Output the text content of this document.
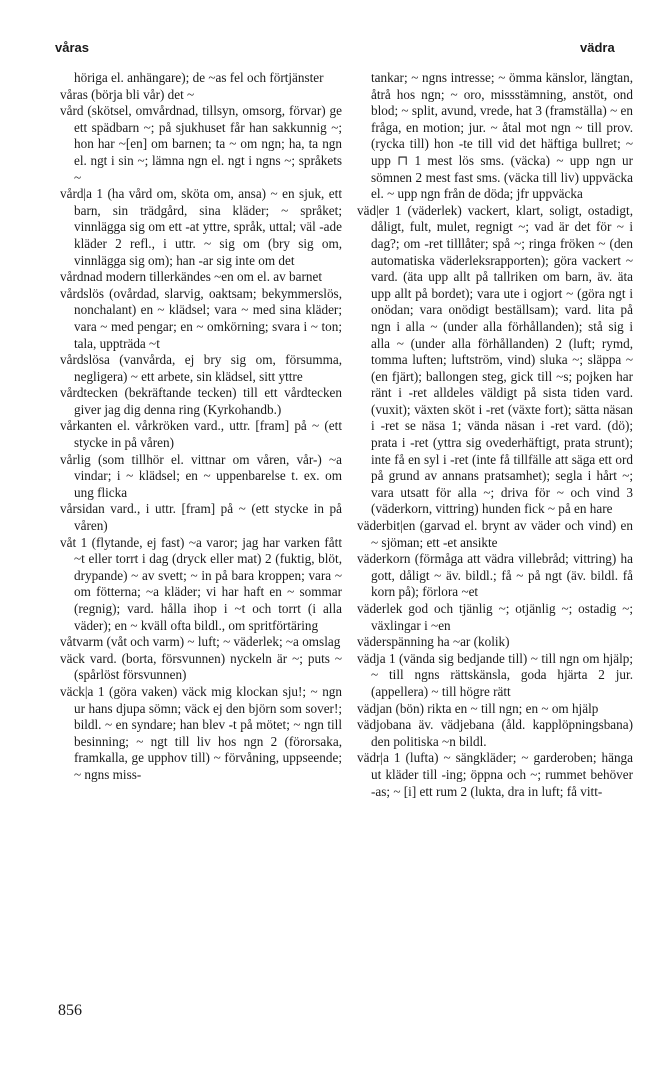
våras	vädra

höriga el. anhängare); de ~as fel och förtjänster

våras (börja bli vår) det ~

vård (skötsel, omvårdnad, tillsyn, omsorg, förvar) ge ett spädbarn ~; på sjukhuset får han sakkunnig ~; hon har ~[en] om barnen; ta ~ om ngn; ha, ta ngn el. ngt i sin ~; lämna ngn el. ngt i ngns ~; språkets ~

vård|a 1 (ha vård om, sköta om, ansa) ~ en sjuk, ett barn, sin trädgård, sina kläder; ~ språket; vinnlägga sig om ett -at yttre, språk, uttal; väl -ade kläder 2 refl., i uttr. ~ sig om (bry sig om, vinnlägga sig om); han -ar sig inte om det

vårdnad modern tillerkändes ~en om el. av barnet

vårdslös (ovårdad, slarvig, oaktsam; bekymmerslös, nonchalant) en ~ klädsel; vara ~ med sina kläder; vara ~ med pengar; en ~ omkörning; svara i ~ ton; tala, uppträda ~t

vårdslösa (vanvårda, ej bry sig om, försumma, negligera) ~ ett arbete, sin klädsel, sitt yttre

vårdtecken (bekräftande tecken) till ett vårdtecken giver jag dig denna ring (Kyrkohandb.)

vårkanten el. vårkröken vard., uttr. [fram] på ~ (ett stycke in på våren)

vårlig (som tillhör el. vittnar om våren, vår-) ~a vindar; i ~ klädsel; en ~ uppenbarelse t. ex. om ung flicka

vårsidan vard., i uttr. [fram] på ~ (ett stycke in på våren)

våt 1 (flytande, ej fast) ~a varor; jag har varken fått ~t eller torrt i dag (dryck eller mat) 2 (fuktig, blöt, drypande) ~ av svett; ~ in på bara kroppen; vara ~ om fötterna; ~a kläder; vi har haft en ~ sommar (regnig); vard. hålla ihop i ~t och torrt (i alla väder); en ~ kväll ofta bildl., om spritförtäring

våtvarm (våt och varm) ~ luft; ~ väderlek; ~a omslag

väck vard. (borta, försvunnen) nyckeln är ~; puts ~ (spårlöst försvunnen)

väck|a 1 (göra vaken) väck mig klockan sju!; ~ ngn ur hans djupa sömn; väck ej den björn som sover!; bildl. ~ en syndare; han blev -t på mötet; ~ ngn till besinning; ~ ngt till liv hos ngn 2 (förorsaka, framkalla, ge upphov till) ~ förvåning, uppseende; ~ ngns miss-

tankar; ~ ngns intresse; ~ ömma känslor, längtan, åtrå hos ngn; ~ oro, missstämning, anstöt, ond blod; ~ split, avund, vrede, hat 3 (framställa) ~ en fråga, en motion; jur. ~ åtal mot ngn ~ till prov. (rycka till) hon -te till vid det häftiga bullret; ~ upp ⊓ 1 mest lös sms. (väcka) ~ upp ngn ur sömnen 2 mest fast sms. (väcka till liv) uppväcka el. ~ upp ngn från de döda; jfr uppväcka

väd|er 1 (väderlek) vackert, klart, soligt, ostadigt, dåligt, fult, mulet, regnigt ~; vad är det för ~ i dag?; om -ret tilllåter; spå ~; ringa fröken ~ (den automatiska väderleksrapporten); göra vackert ~ vard. (äta upp allt på tallriken om barn, äv. äta upp allt på bordet); vara ute i ogjort ~ (göra ngt i onödan; vara onödigt beställsam); vard. lita på ngn i alla ~ (under alla förhållanden); stå sig i alla ~ (under alla förhållanden) 2 (luft; rymd, tomma luften; luftström, vind) sluka ~; släppa ~ (en fjärt); ballongen steg, gick till ~s; pojken har ränt i -ret alldeles väldigt på sista tiden vard. (vuxit); växten sköt i -ret (växte fort); sätta näsan i -ret se näsa 1; vända näsan i -ret vard. (dö); prata i -ret (yttra sig ovederhäftigt, prata strunt); inte få en syl i -ret (inte få tillfälle att säga ett ord på grund av annans pratsamhet); segla i hårt ~; vara utsatt för alla ~; driva för ~ och vind 3 (väderkorn, vittring) hunden fick ~ på en hare

väderbit|en (garvad el. brynt av väder och vind) en ~ sjöman; ett -et ansikte

väderkorn (förmåga att vädra villebråd; vittring) ha gott, dåligt ~ äv. bildl.; få ~ på ngt (äv. bildl. få korn på); förlora ~et

väderlek god och tjänlig ~; otjänlig ~; ostadig ~; växlingar i ~en

väderspänning ha ~ar (kolik)

vädja 1 (vända sig bedjande till) ~ till ngn om hjälp; ~ till ngns rättskänsla, goda hjärta 2 jur. (appellera) ~ till högre rätt

vädjan (bön) rikta en ~ till ngn; en ~ om hjälp

vädjobana äv. vädjebana (åld. kapplöpningsbana) den politiska ~n bildl.

vädr|a 1 (lufta) ~ sängkläder; ~ garderoben; hänga ut kläder till -ing; öppna och ~; rummet behöver -as; ~ [i] ett rum 2 (lukta, dra in luft; få vitt-

856
